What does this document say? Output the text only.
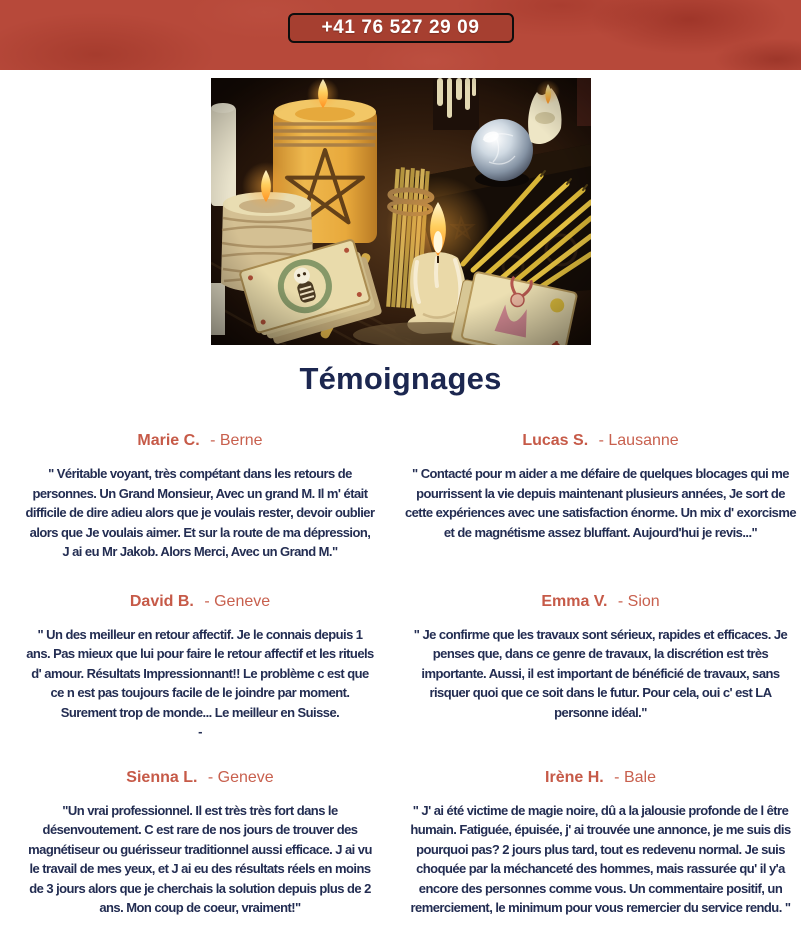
+41 76 527 29 09
Témoignages
Marie C. - Berne

" Véritable voyant, très compétant dans les retours de personnes. Un Grand Monsieur, Avec un grand M. Il m' était difficile de dire adieu alors que je voulais rester, devoir oublier alors que Je voulais aimer. Et sur la route de ma dépression, J ai eu Mr Jakob. Alors Merci, Avec un Grand M."

Lucas S. - Lausanne

" Contacté pour m aider a me défaire de quelques blocages qui me pourrissent la vie depuis maintenant plusieurs années, Je sort de cette expériences avec une satisfaction énorme. Un mix d' exorcisme et de magnétisme assez bluffant. Aujourd'hui je revis..."

David B. - Geneve

" Un des meilleur en retour affectif. Je le connais depuis 1 ans. Pas mieux que lui pour faire le retour affectif et les rituels d' amour. Résultats Impressionnant!! Le problème c est que ce n est pas toujours facile de le joindre par moment. Surement trop de monde... Le meilleur en Suisse.

-
Emma V. - Sion

" Je confirme que les travaux sont sérieux, rapides et efficaces. Je penses que, dans ce genre de travaux, la discrétion est très importante. Aussi, il est important de bénéficié de travaux, sans risquer quoi que ce soit dans le futur. Pour cela, oui c' est LA personne idéal."

Sienna L. - Geneve

"Un vrai professionnel. Il est très très fort dans le désenvoutement. C est rare de nos jours de trouver des magnétiseur ou guérisseur traditionnel aussi efficace. J ai vu le travail de mes yeux, et J ai eu des résultats réels en moins de 3 jours alors que je cherchais la solution depuis plus de 2 ans. Mon coup de coeur, vraiment!"

Irène H. - Bale

" J' ai été victime de magie noire, dû a la jalousie profonde de l être humain. Fatiguée, épuisée, j' ai trouvée une annonce, je me suis dis pourquoi pas? 2 jours plus tard, tout es redevenu normal. Je suis choquée par la méchanceté des hommes, mais rassurée qu' il y'a encore des personnes comme vous. Un commentaire positif, un remerciement, le minimum pour vous remercier du service rendu. "
